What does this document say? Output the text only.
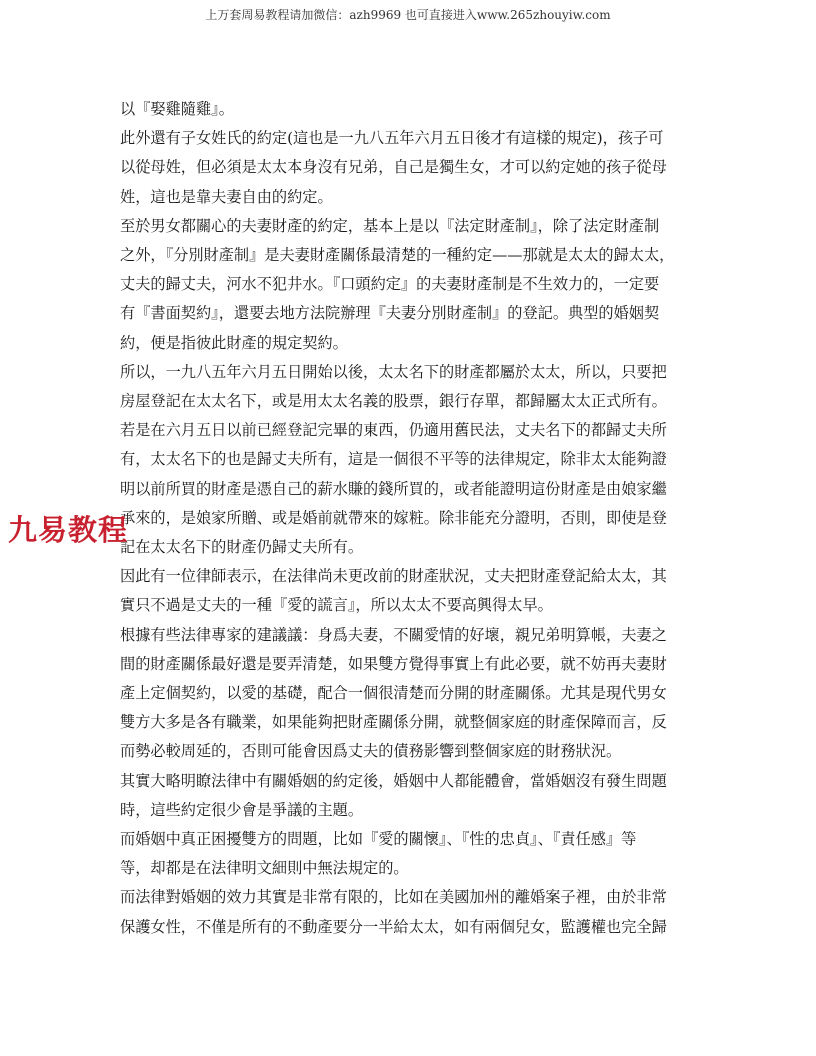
上万套周易教程请加微信：azh9969 也可直接进入www.265zhouyiw.com

以『娶雞隨雞』。

此外還有子女姓氏的約定(這也是一九八五年六月五日後才有這樣的規定)，孩子可

以從母姓，但必須是太太本身沒有兄弟，自己是獨生女，才可以約定她的孩子從母

姓，這也是靠夫妻自由的約定。

至於男女都關心的夫妻財產的約定，基本上是以『法定財產制』，除了法定財產制

之外，『分別財產制』是夫妻財產關係最清楚的一種約定——那就是太太的歸太太，

丈夫的歸丈夫，河水不犯井水。『口頭約定』的夫妻財產制是不生效力的，一定要

有『書面契約』，還要去地方法院辦理『夫妻分別財產制』的登記。典型的婚姻契

約，便是指彼此財產的規定契約。

所以，一九八五年六月五日開始以後，太太名下的財產都屬於太太，所以，只要把

房屋登記在太太名下，或是用太太名義的股票，銀行存單，都歸屬太太正式所有。

若是在六月五日以前已經登記完畢的東西，仍適用舊民法，丈夫名下的都歸丈夫所

有，太太名下的也是歸丈夫所有，這是一個很不平等的法律規定，除非太太能夠證

明以前所買的財產是憑自己的薪水賺的錢所買的，或者能證明這份財產是由娘家繼

承來的，是娘家所贈、或是婚前就帶來的嫁粧。除非能充分證明，否則，即使是登

記在太太名下的財產仍歸丈夫所有。

因此有一位律師表示，在法律尚未更改前的財產狀況，丈夫把財產登記給太太，其

實只不過是丈夫的一種『愛的謊言』，所以太太不要高興得太早。

根據有些法律專家的建議議：身爲夫妻，不關愛情的好壞，親兄弟明算帳，夫妻之

間的財產關係最好還是要弄清楚，如果雙方覺得事實上有此必要，就不妨再夫妻財

產上定個契約，以愛的基礎，配合一個很清楚而分開的財產關係。尤其是現代男女

雙方大多是各有職業，如果能夠把財產關係分開，就整個家庭的財產保障而言，反

而勢必較周延的，否則可能會因爲丈夫的債務影響到整個家庭的財務狀況。

其實大略明瞭法律中有關婚姻的約定後，婚姻中人都能體會，當婚姻沒有發生問題

時，這些約定很少會是爭議的主題。

而婚姻中真正困擾雙方的問題，比如『愛的關懷』、『性的忠貞』、『責任感』等

等，却都是在法律明文細則中無法規定的。

而法律對婚姻的效力其實是非常有限的，比如在美國加州的離婚案子裡，由於非常

保護女性，不僅是所有的不動產要分一半給太太，如有兩個兒女，監護權也完全歸

九易教程
